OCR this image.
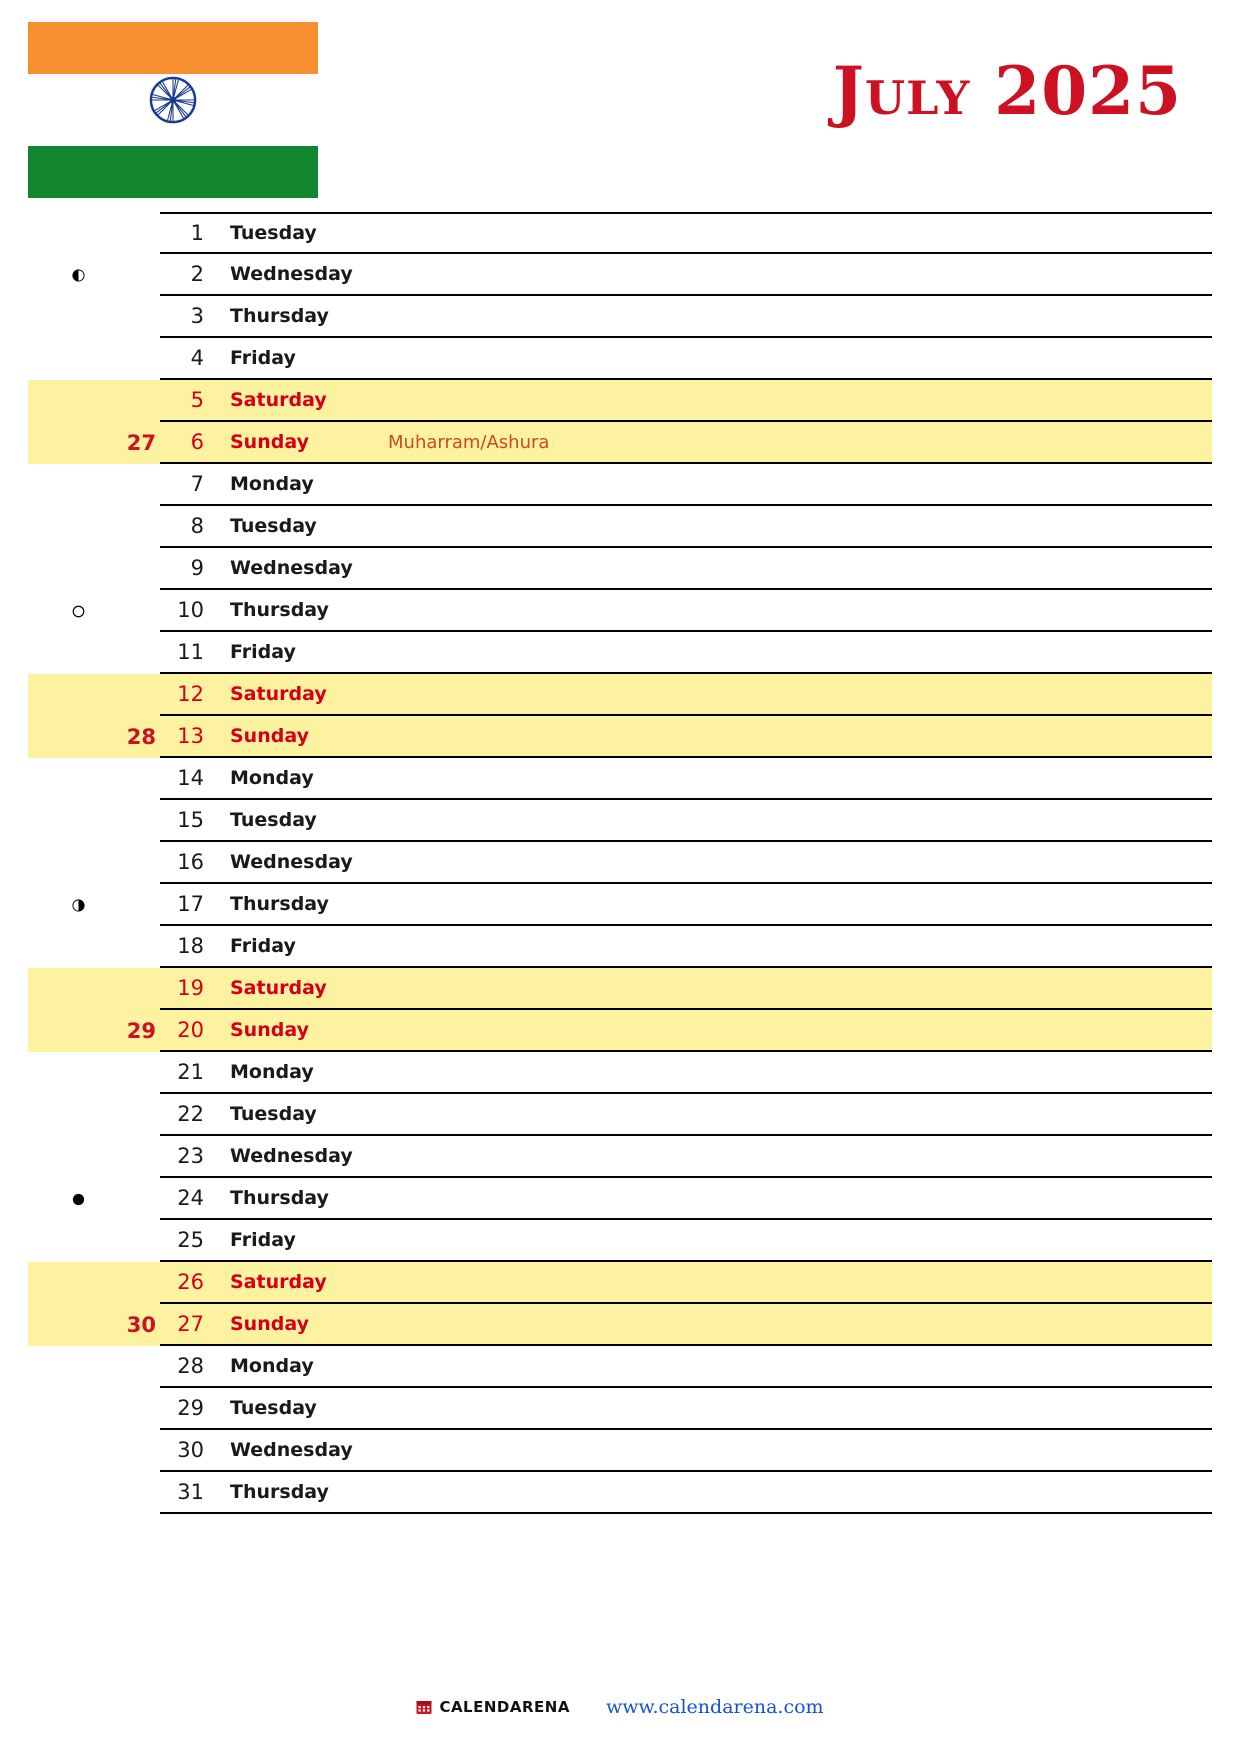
July 2025
1	Tuesday
2	Wednesday
3	Thursday
4	Friday
5	Saturday
27	6	Sunday	Muharram/Ashura
7	Monday
8	Tuesday
9	Wednesday
10	Thursday
11	Friday
12	Saturday
28	13	Sunday
14	Monday
15	Tuesday
16	Wednesday
17	Thursday
18	Friday
19	Saturday
29	20	Sunday
21	Monday
22	Tuesday
23	Wednesday
24	Thursday
25	Friday
26	Saturday
30	27	Sunday
28	Monday
29	Tuesday
30	Wednesday
31	Thursday
CALENDARENA www.calendarena.com
